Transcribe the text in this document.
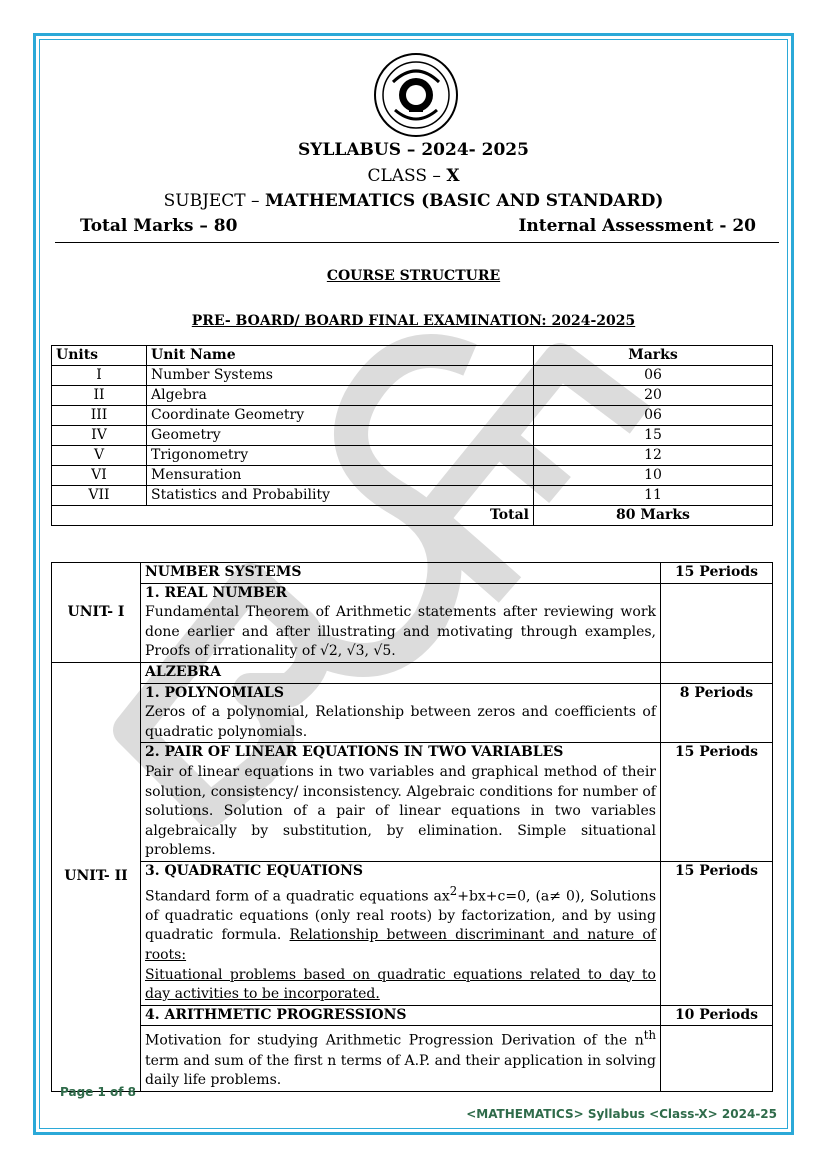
SYLLABUS – 2024- 2025
CLASS – X
SUBJECT – MATHEMATICS (BASIC AND STANDARD)
Total Marks – 80	Internal Assessment - 20
COURSE STRUCTURE
PRE- BOARD/ BOARD FINAL EXAMINATION: 2024-2025
Units	Unit Name	Marks
I	Number Systems	06
II	Algebra	20
III	Coordinate Geometry	06
IV	Geometry	15
V	Trigonometry	12
VI	Mensuration	10
VII	Statistics and Probability	11
Total		80 Marks
UNIT- I	NUMBER SYSTEMS	15 Periods

	1. REAL NUMBER
Fundamental Theorem of Arithmetic statements after reviewing work done earlier and after illustrating and motivating through examples, Proofs of irrationality of √2, √3, √5.	

UNIT- II	ALZEBRA	

	1. POLYNOMIALS
Zeros of a polynomial, Relationship between zeros and coefficients of quadratic polynomials.	8 Periods

	2. PAIR OF LINEAR EQUATIONS IN TWO VARIABLES
Pair of linear equations in two variables and graphical method of their solution, consistency/ inconsistency. Algebraic conditions for number of solutions. Solution of a pair of linear equations in two variables algebraically by substitution, by elimination. Simple situational problems.	15 Periods

	3. QUADRATIC EQUATIONS
Standard form of a quadratic equations $ax^2+bx+c=0$, (a≠ 0), Solutions of quadratic equations (only real roots) by factorization, and by using quadratic formula. Relationship between discriminant and nature of roots:
Situational problems based on quadratic equations related to day to day activities to be incorporated.	15 Periods
	4. ARITHMETIC PROGRESSIONS	10 Periods
	Motivation for studying Arithmetic Progression Derivation of the $n^{th}$ term and sum of the first n terms of A.P. and their application in solving daily life problems.	
Page 1 of 8
<MATHEMATICS> Syllabus <Class-X> 2024-25
